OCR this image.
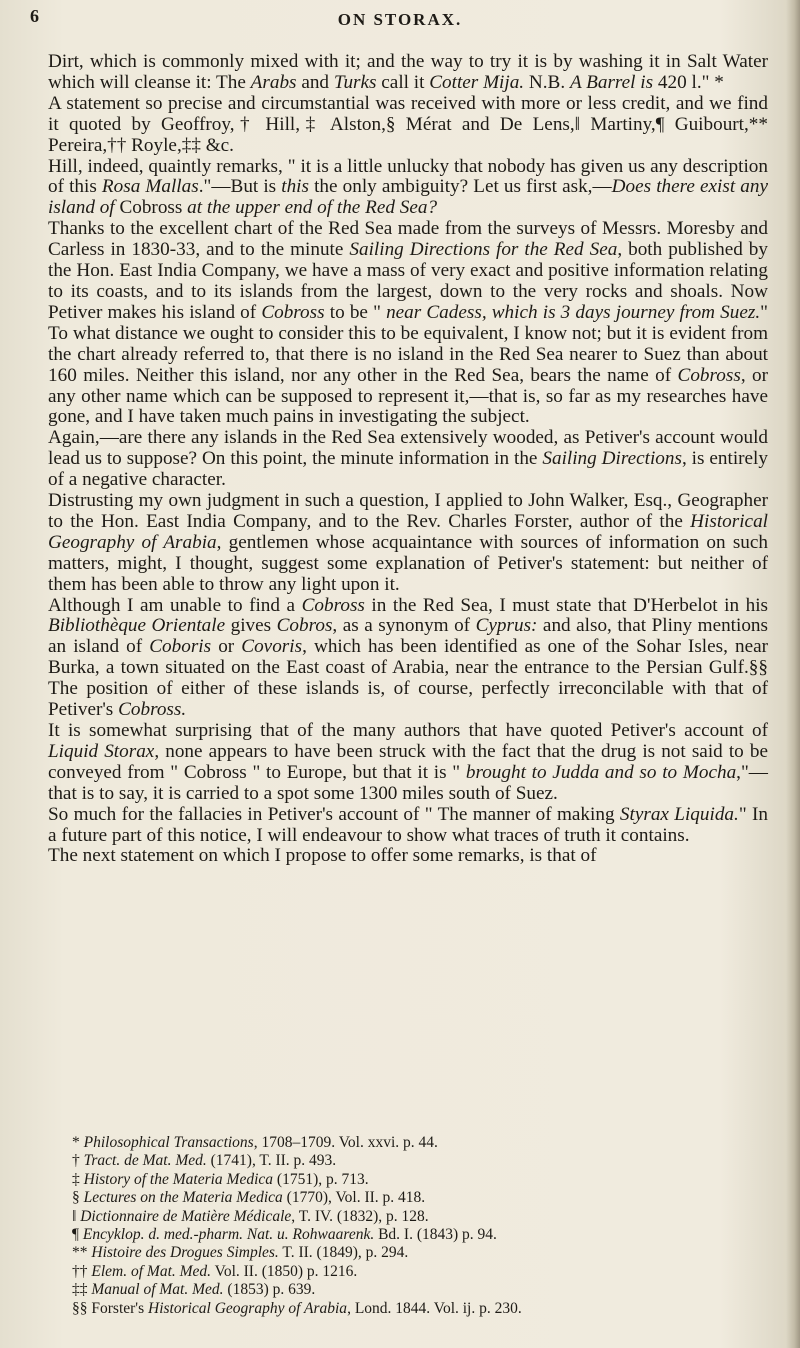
6	ON STORAX.

Dirt, which is commonly mixed with it; and the way to try it is by washing it in Salt Water which will cleanse it: The Arabs and Turks call it Cotter Mija. N.B. A Barrel is 420 l." *

A statement so precise and circumstantial was received with more or less credit, and we find it quoted by Geoffroy,† Hill,‡ Alston,§ Mérat and De Lens,‖ Martiny,¶ Guibourt,** Pereira,†† Royle,‡‡ &c.

Hill, indeed, quaintly remarks, " it is a little unlucky that nobody has given us any description of this Rosa Mallas."—But is this the only ambiguity? Let us first ask,—Does there exist any island of Cobross at the upper end of the Red Sea?

Thanks to the excellent chart of the Red Sea made from the surveys of Messrs. Moresby and Carless in 1830-33, and to the minute Sailing Directions for the Red Sea, both published by the Hon. East India Company, we have a mass of very exact and positive information relating to its coasts, and to its islands from the largest, down to the very rocks and shoals. Now Petiver makes his island of Cobross to be " near Cadess, which is 3 days journey from Suez." To what distance we ought to consider this to be equivalent, I know not; but it is evident from the chart already referred to, that there is no island in the Red Sea nearer to Suez than about 160 miles. Neither this island, nor any other in the Red Sea, bears the name of Cobross, or any other name which can be supposed to represent it,—that is, so far as my researches have gone, and I have taken much pains in investigating the subject.

Again,—are there any islands in the Red Sea extensively wooded, as Petiver's account would lead us to suppose? On this point, the minute information in the Sailing Directions, is entirely of a negative character.

Distrusting my own judgment in such a question, I applied to John Walker, Esq., Geographer to the Hon. East India Company, and to the Rev. Charles Forster, author of the Historical Geography of Arabia, gentlemen whose acquaintance with sources of information on such matters, might, I thought, suggest some explanation of Petiver's statement: but neither of them has been able to throw any light upon it.

Although I am unable to find a Cobross in the Red Sea, I must state that D'Herbelot in his Bibliothèque Orientale gives Cobros, as a synonym of Cyprus: and also, that Pliny mentions an island of Coboris or Covoris, which has been identified as one of the Sohar Isles, near Burka, a town situated on the East coast of Arabia, near the entrance to the Persian Gulf.§§ The position of either of these islands is, of course, perfectly irreconcilable with that of Petiver's Cobross.

It is somewhat surprising that of the many authors that have quoted Petiver's account of Liquid Storax, none appears to have been struck with the fact that the drug is not said to be conveyed from " Cobross " to Europe, but that it is " brought to Judda and so to Mocha,"—that is to say, it is carried to a spot some 1300 miles south of Suez.

So much for the fallacies in Petiver's account of " The manner of making Styrax Liquida." In a future part of this notice, I will endeavour to show what traces of truth it contains.

The next statement on which I propose to offer some remarks, is that of

* Philosophical Transactions, 1708–1709. Vol. xxvi. p. 44.
† Tract. de Mat. Med. (1741), T. II. p. 493.
‡ History of the Materia Medica (1751), p. 713.
§ Lectures on the Materia Medica (1770), Vol. II. p. 418.
‖ Dictionnaire de Matière Médicale, T. IV. (1832), p. 128.
¶ Encyklop. d. med.-pharm. Nat. u. Rohwaarenk. Bd. I. (1843) p. 94.
** Histoire des Drogues Simples. T. II. (1849), p. 294.
†† Elem. of Mat. Med. Vol. II. (1850) p. 1216.
‡‡ Manual of Mat. Med. (1853) p. 639.
§§ Forster's Historical Geography of Arabia, Lond. 1844. Vol. ij. p. 230.
